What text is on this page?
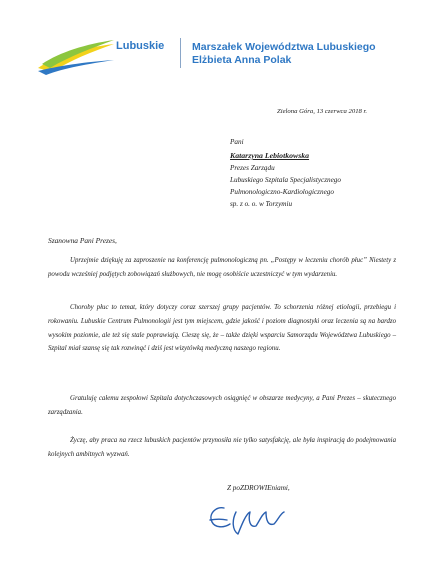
Lubuskie	Marszałek Województwa Lubuskiego
Elżbieta Anna Polak
Zielona Góra, 13 czerwca 2018 r.
Pani
Katarzyna Lebiotkowska
Prezes Zarządu
Lubuskiego Szpitala Specjalistycznego
Pulmonologiczno-Kardiologicznego
sp. z o. o. w Torzymiu
Szanowna Pani Prezes,
Uprzejmie dziękuję za zaproszenie na konferencję pulmonologiczną pn. „Postępy w leczeniu chorób płuc” Niestety z powodu wcześniej podjętych zobowiązań służbowych, nie mogę osobiście uczestniczyć w tym wydarzeniu.
Choroby płuc to temat, który dotyczy coraz szerszej grupy pacjentów. To schorzenia różnej etiologii, przebiegu i rokowaniu. Lubuskie Centrum Pulmonologii jest tym miejscem, gdzie jakość i poziom diagnostyki oraz leczenia są na bardzo wysokim poziomie, ale też się stale poprawiają. Cieszę się, że – także dzięki wsparciu Samorządu Województwa Lubuskiego – Szpital miał szansę się tak rozwinąć i dziś jest wizytówką medyczną naszego regionu.
Gratuluję całemu zespołowi Szpitala dotychczasowych osiągnięć w obszarze medycyny, a Pani Prezes – skutecznego zarządzania.
Życzę, aby praca na rzecz lubuskich pacjentów przynosiła nie tylko satysfakcję, ale była inspiracją do podejmowania kolejnych ambitnych wyzwań.
Z poZDROWIEniami,
